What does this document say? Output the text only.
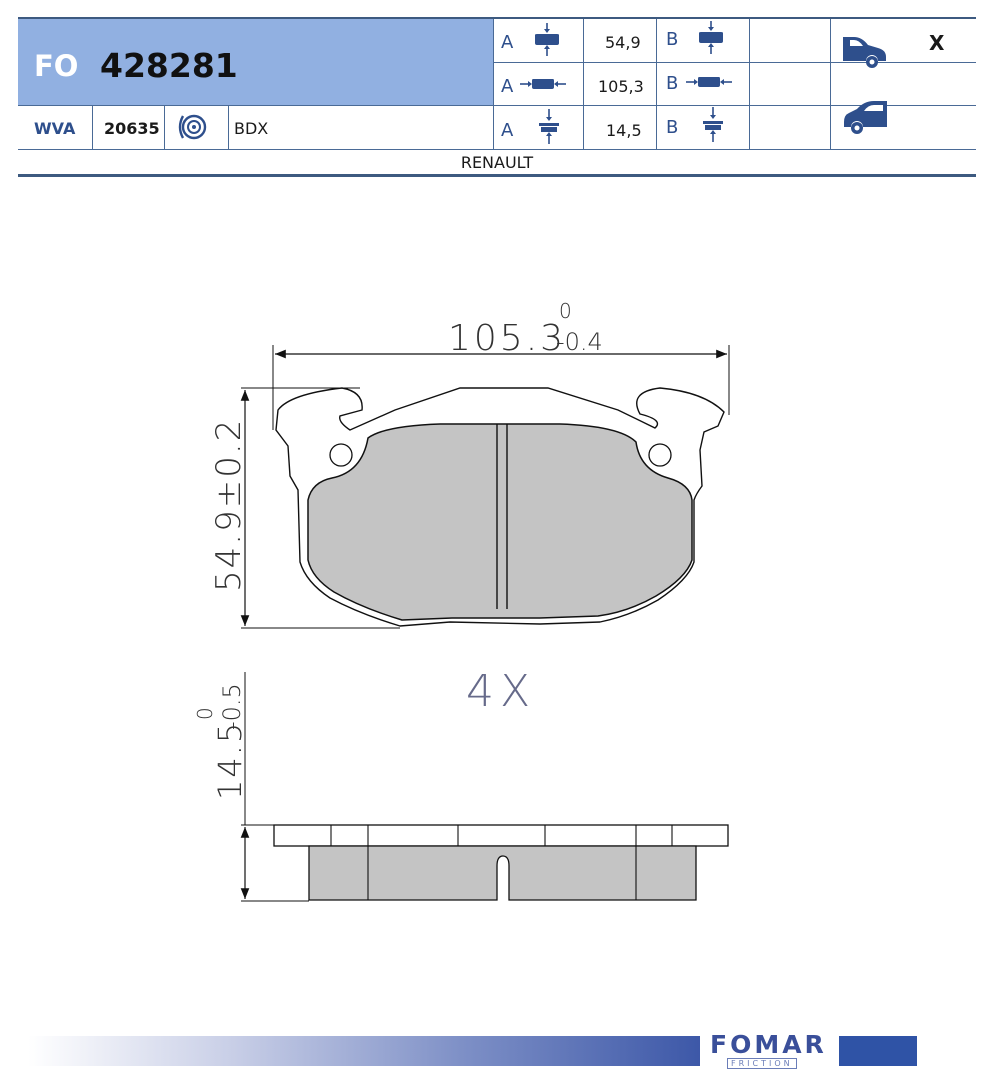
FO 428281
A	54,9 B
A	105,3 B
WVA 20635	BDX	A	14,5 B
X
RENAULT
105.3
0
-0.4
54.9±0.2
4X
14.5
0 -0.5
FOMAR
FRICTION
